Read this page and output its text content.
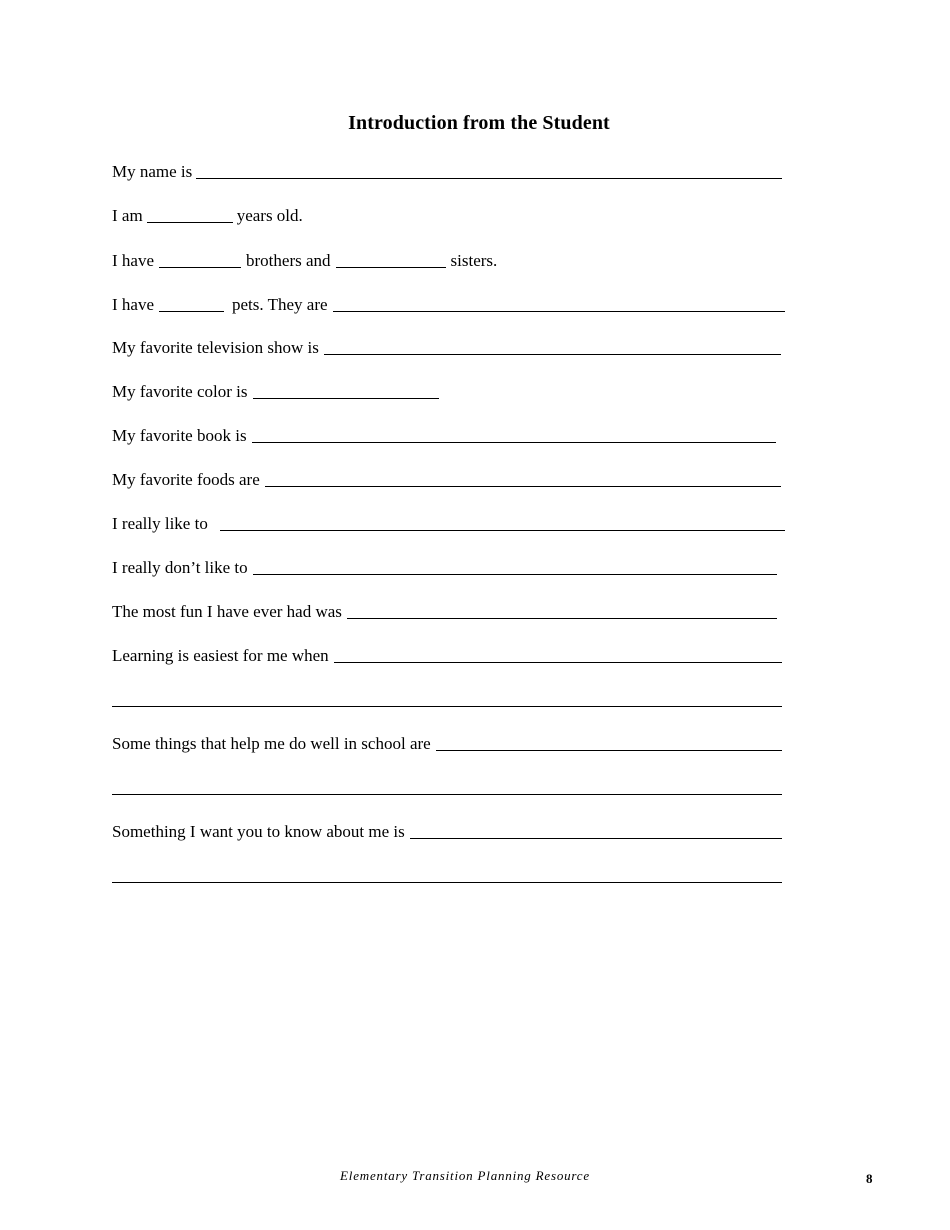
Introduction from the Student
My name is
I am	years old.
I have	brothers and	sisters.
I have	pets. They are
My favorite television show is
My favorite color is
My favorite book is
My favorite foods are
I really like to
I really don’t like to
The most fun I have ever had was
Learning is easiest for me when
Some things that help me do well in school are
Something I want you to know about me is
Elementary Transition Planning Resource	8
